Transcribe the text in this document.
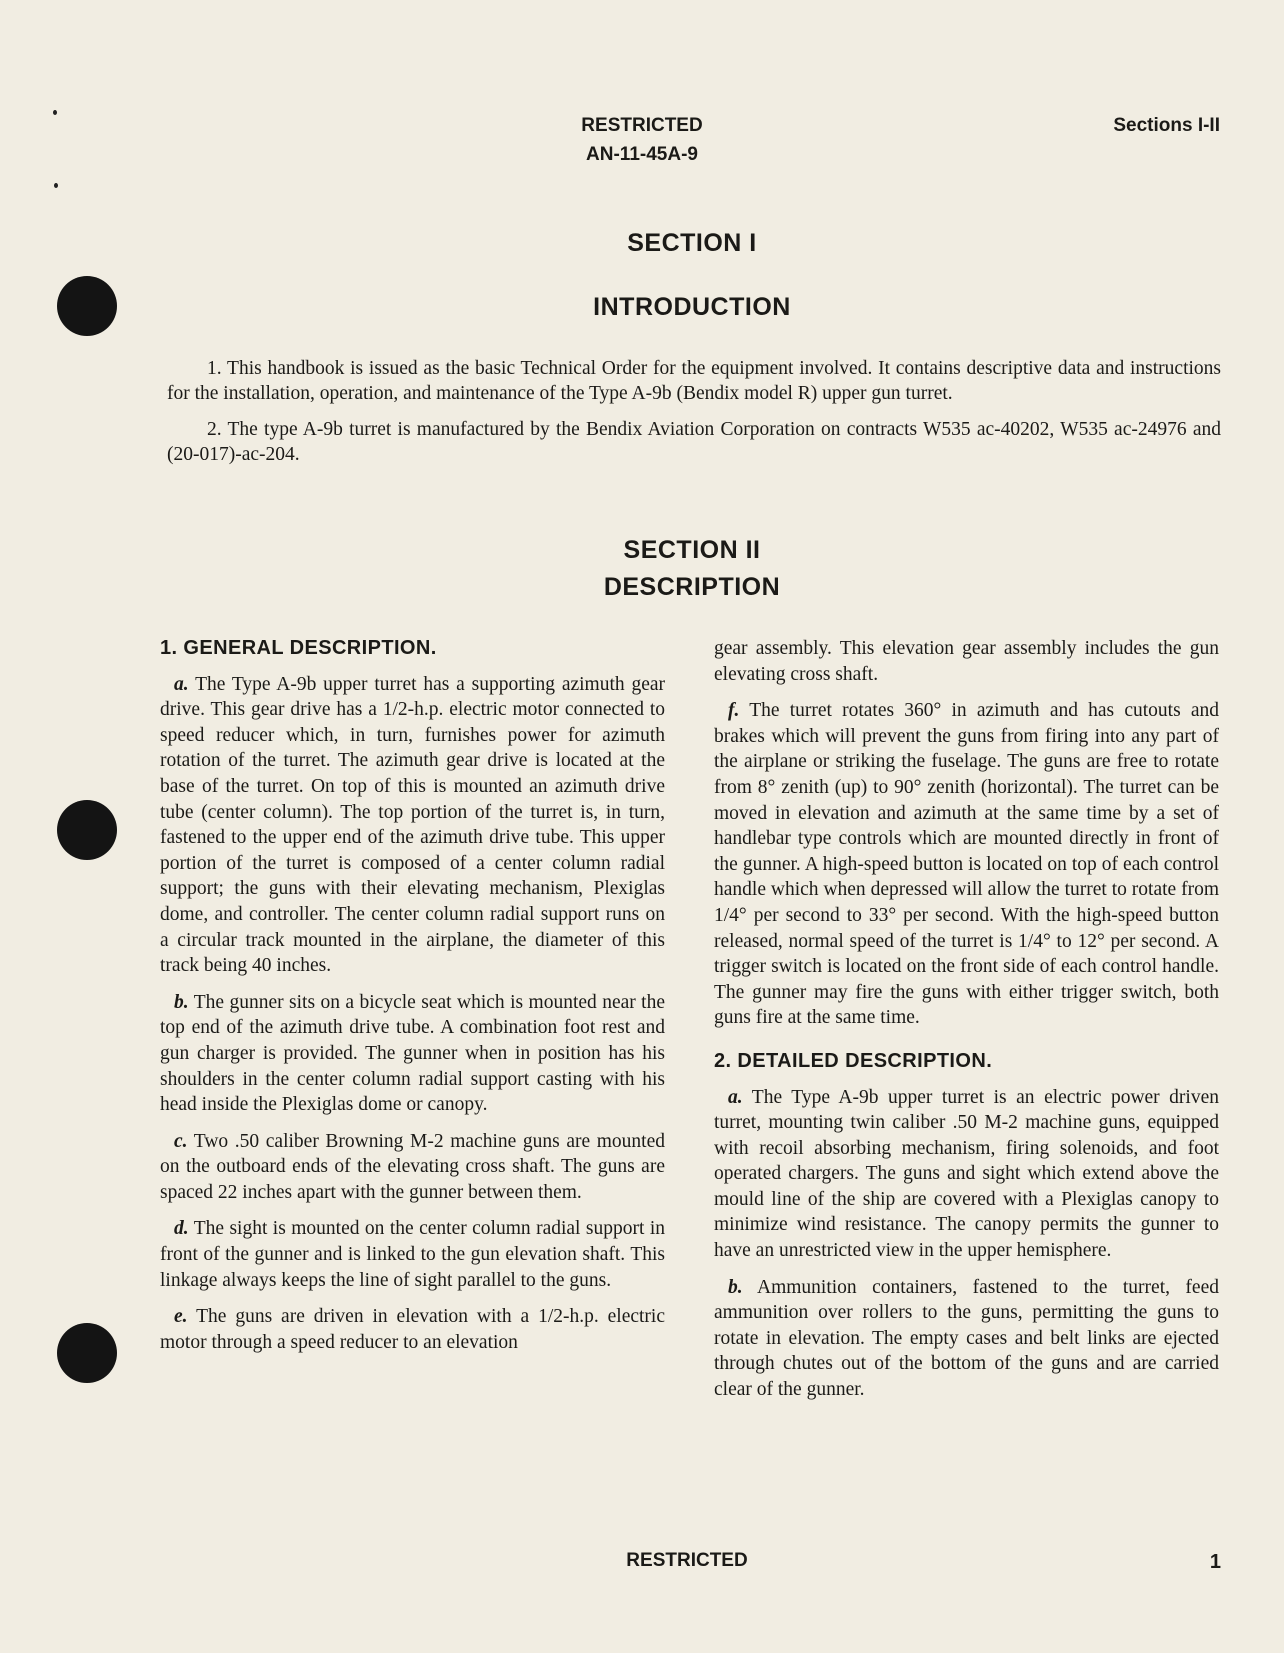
RESTRICTED
AN-11-45A-9
Sections I-II
SECTION I
INTRODUCTION

1. This handbook is issued as the basic Technical Order for the equipment involved. It contains descriptive data and instructions for the installation, operation, and maintenance of the Type A-9b (Bendix model R) upper gun turret.

2. The type A-9b turret is manufactured by the Bendix Aviation Corporation on contracts W535 ac-40202, W535 ac-24976 and (20-017)-ac-204.

SECTION II
DESCRIPTION
1. GENERAL DESCRIPTION.

a. The Type A-9b upper turret has a supporting azimuth gear drive. This gear drive has a 1/2-h.p. electric motor connected to speed reducer which, in turn, furnishes power for azimuth rotation of the turret. The azimuth gear drive is located at the base of the turret. On top of this is mounted an azimuth drive tube (center column). The top portion of the turret is, in turn, fastened to the upper end of the azimuth drive tube. This upper portion of the turret is composed of a center column radial support; the guns with their elevating mechanism, Plexiglas dome, and controller. The center column radial support runs on a circular track mounted in the airplane, the diameter of this track being 40 inches.

b. The gunner sits on a bicycle seat which is mounted near the top end of the azimuth drive tube. A combination foot rest and gun charger is provided. The gunner when in position has his shoulders in the center column radial support casting with his head inside the Plexiglas dome or canopy.

c. Two .50 caliber Browning M-2 machine guns are mounted on the outboard ends of the elevating cross shaft. The guns are spaced 22 inches apart with the gunner between them.

d. The sight is mounted on the center column radial support in front of the gunner and is linked to the gun elevation shaft. This linkage always keeps the line of sight parallel to the guns.

e. The guns are driven in elevation with a 1/2-h.p. electric motor through a speed reducer to an elevation

gear assembly. This elevation gear assembly includes the gun elevating cross shaft.

f. The turret rotates 360° in azimuth and has cutouts and brakes which will prevent the guns from firing into any part of the airplane or striking the fuselage. The guns are free to rotate from 8° zenith (up) to 90° zenith (horizontal). The turret can be moved in elevation and azimuth at the same time by a set of handlebar type controls which are mounted directly in front of the gunner. A high-speed button is located on top of each control handle which when depressed will allow the turret to rotate from 1/4° per second to 33° per second. With the high-speed button released, normal speed of the turret is 1/4° to 12° per second. A trigger switch is located on the front side of each control handle. The gunner may fire the guns with either trigger switch, both guns fire at the same time.

2. DETAILED DESCRIPTION.

a. The Type A-9b upper turret is an electric power driven turret, mounting twin caliber .50 M-2 machine guns, equipped with recoil absorbing mechanism, firing solenoids, and foot operated chargers. The guns and sight which extend above the mould line of the ship are covered with a Plexiglas canopy to minimize wind resistance. The canopy permits the gunner to have an unrestricted view in the upper hemisphere.

b. Ammunition containers, fastened to the turret, feed ammunition over rollers to the guns, permitting the guns to rotate in elevation. The empty cases and belt links are ejected through chutes out of the bottom of the guns and are carried clear of the gunner.

RESTRICTED	1
